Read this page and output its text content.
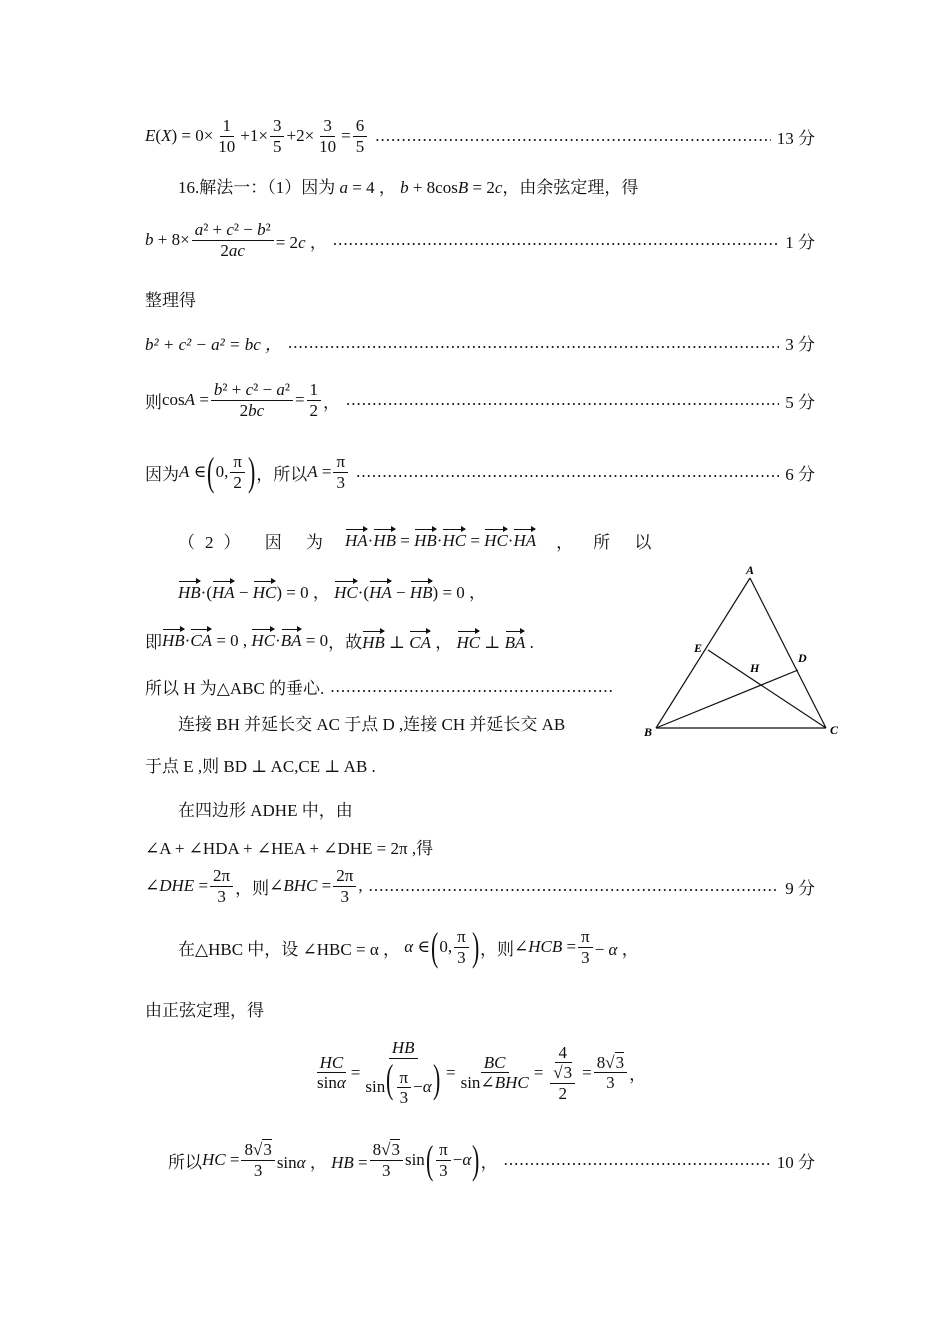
$E(X) = 0\times \frac{1}{10} +1\times \frac{3}{5} +2\times \frac{3}{10} = \frac{6}{5}$ .....	13 分
16.解法一：（1）因为 a = 4 ， b + 8cosB = 2c ，由余弦定理，得
$b + 8\times \frac{\text{a² + c² − b²}}{2ac} = 2c$ ， .....	1 分
整理得
b² + c² − a² = bc ， .....	3 分
则 $\cos A = \frac{\text{b² + c² − a²}}{2bc} = \frac{1}{2}$ ， .....	5 分
因为 A ∈ ( 0, $\frac{\pi}{2}$ ) ，所以 $A = \frac{\pi}{3}$ .....	6 分
（2） 因 为 HA·HB = HB·HC = HC·HA ， 所 以
HB·(HA − HC) = 0 ， HC·(HA − HB) = 0 ，
即 HB·CA = 0 , HC·BA = 0 ，故 HB ⊥ CA ， HC ⊥ BA .
所以 H 为△ABC 的垂心.
.....
连接 BH 并延长交 AC 于点 D ,连接 CH 并延长交 AB
于点 E ,则 BD ⊥ AC,CE ⊥ AB .
在四边形 ADHE 中，由
∠A + ∠HDA + ∠HEA + ∠DHE = 2π ,得
∠DHE = $\frac{2\pi}{3}$ ，则 ∠BHC = $\frac{2\pi}{3}$ , .....	9 分
在△HBC 中，设 ∠HBC = α ， α ∈ ( 0, $\frac{\pi}{3}$ ) ，则 ∠HCB = $\frac{\pi}{3} - \alpha$ ，
由正弦定理，得
$\frac{HC}{\sin\alpha} = \frac{HB}{\sin( \frac{\pi}{3} -\alpha)} = \frac{BC}{\text{sin∠BHC}} = \frac{4}{\frac{√3}{2}} = \frac{8√3}{3}$ ，
所以 HC = $\frac{8√3}{3}$ sinα ， HB = $\frac{8√3}{3}$ sin ( $\frac{\pi}{3} - \alpha$ ) ， .....	10 分
A
B	C
D
E
H
